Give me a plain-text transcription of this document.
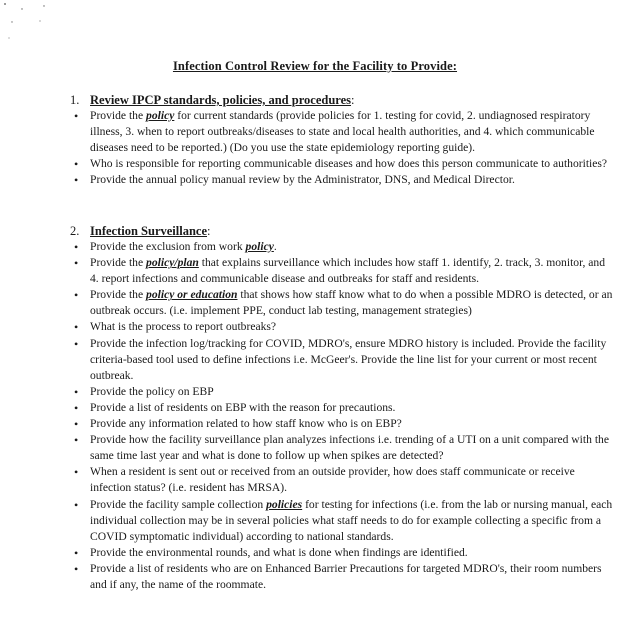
Infection Control Review for the Facility to Provide:
1. Review IPCP standards, policies, and procedures:
• Provide the policy for current standards (provide policies for 1. testing for covid, 2. undiagnosed respiratory illness, 3. when to report outbreaks/diseases to state and local health authorities, and 4. which communicable diseases need to be reported.) (Do you use the state epidemiology reporting guide).
• Who is responsible for reporting communicable diseases and how does this person communicate to authorities?
• Provide the annual policy manual review by the Administrator, DNS, and Medical Director.
2. Infection Surveillance:
• Provide the exclusion from work policy.
• Provide the policy/plan that explains surveillance which includes how staff 1. identify, 2. track, 3. monitor, and 4. report infections and communicable disease and outbreaks for staff and residents.
• Provide the policy or education that shows how staff know what to do when a possible MDRO is detected, or an outbreak occurs. (i.e. implement PPE, conduct lab testing, management strategies)
• What is the process to report outbreaks?
• Provide the infection log/tracking for COVID, MDRO's, ensure MDRO history is included. Provide the facility criteria-based tool used to define infections i.e. McGeer's. Provide the line list for your current or most recent outbreak.
• Provide the policy on EBP
• Provide a list of residents on EBP with the reason for precautions.
• Provide any information related to how staff know who is on EBP?
• Provide how the facility surveillance plan analyzes infections i.e. trending of a UTI on a unit compared with the same time last year and what is done to follow up when spikes are detected?
• When a resident is sent out or received from an outside provider, how does staff communicate or receive infection status? (i.e. resident has MRSA).
• Provide the facility sample collection policies for testing for infections (i.e. from the lab or nursing manual, each individual collection may be in several policies what staff needs to do for example collecting a specific from a COVID symptomatic individual) according to national standards.
• Provide the environmental rounds, and what is done when findings are identified.
• Provide a list of residents who are on Enhanced Barrier Precautions for targeted MDRO's, their room numbers and if any, the name of the roommate.
